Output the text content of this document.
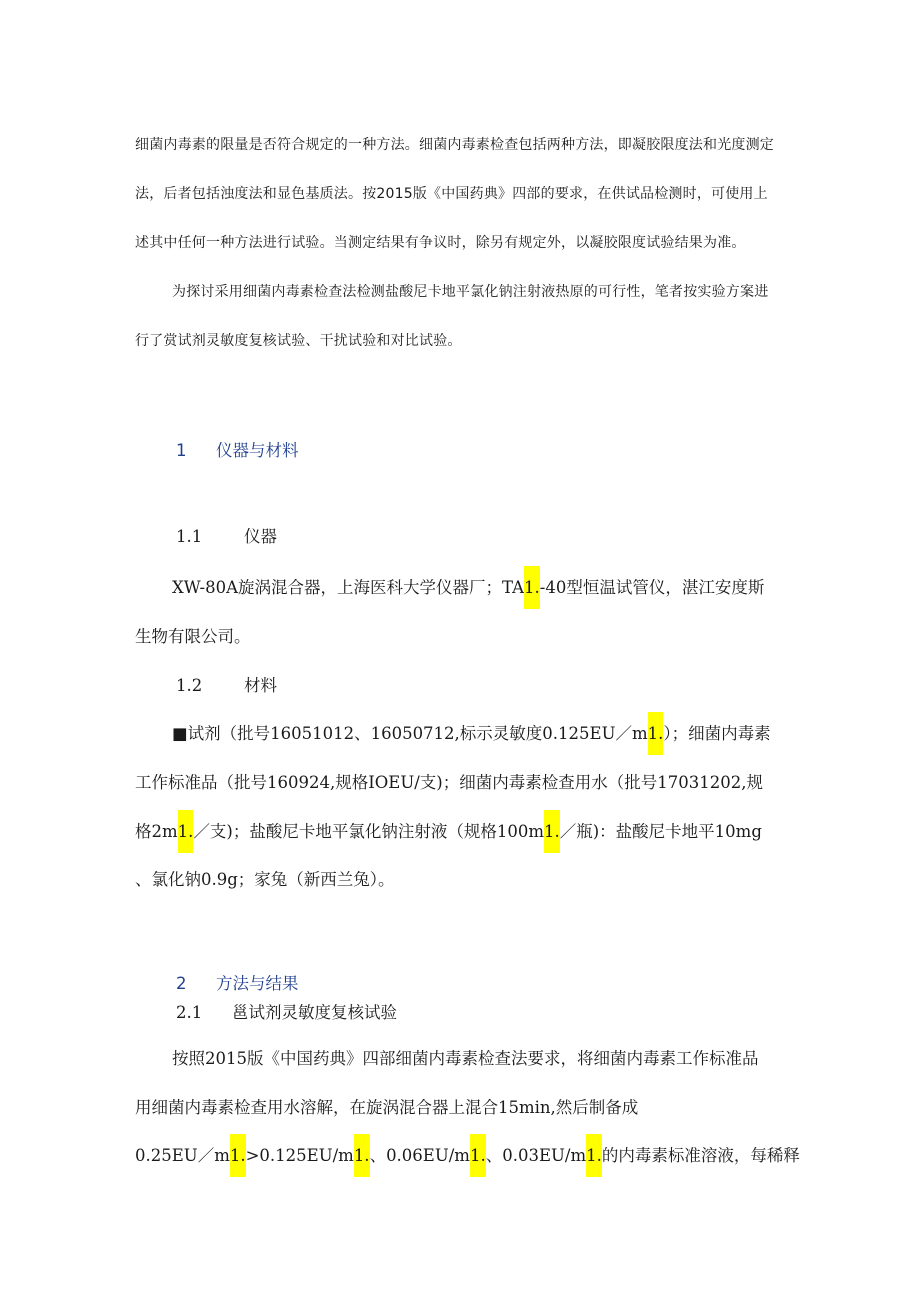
细菌内毒素的限量是否符合规定的一种方法。细菌内毒素检查包括两种方法，即凝胶限度法和光度测定
法，后者包括浊度法和显色基质法。按2015版《中国药典》四部的要求，在供试品检测时，可使用上
述其中任何一种方法进行试验。当测定结果有争议时，除另有规定外，以凝胶限度试验结果为准。
为探讨采用细菌内毒素检查法检测盐酸尼卡地平氯化钠注射液热原的可行性，笔者按实验方案进
行了赏试剂灵敏度复核试验、干扰试验和对比试验。
1 仪器与材料
1.1	仪器
XW-80A旋涡混合器，上海医科大学仪器厂；TA1.-40型恒温试管仪，湛江安度斯
生物有限公司。
1.2	材料
■试剂（批号16051012、16050712,标示灵敏度0.125EU／m1.）；细菌内毒素
工作标准品（批号160924,规格IOEU/支)；细菌内毒素检查用水（批号17031202,规
格2m1.／支)；盐酸尼卡地平氯化钠注射液（规格100m1.／瓶)：盐酸尼卡地平10mg
、氯化钠0.9g；家兔（新西兰兔）。
2 方法与结果
2.1 邕试剂灵敏度复核试验
按照2015版《中国药典》四部细菌内毒素检查法要求，将细菌内毒素工作标准品
用细菌内毒素检查用水溶解，在旋涡混合器上混合15min,然后制备成
0.25EU／m1.>0.125EU/m1.、0.06EU/m1.、0.03EU/m1.的内毒素标准溶液，每稀释
